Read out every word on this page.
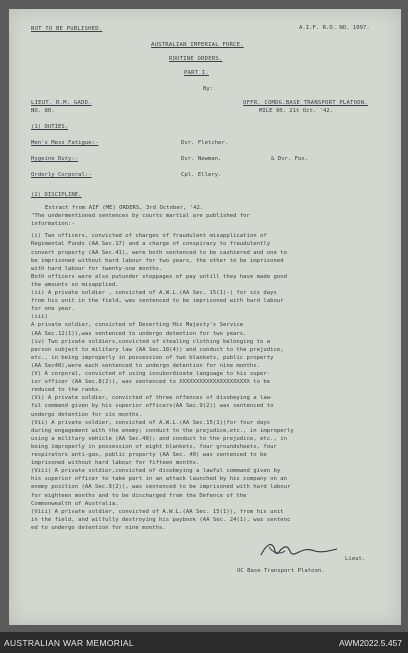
NOT TO BE PUBLISHED.	A.I.F. R.O. NO. 1097.
AUSTRALIAN IMPERIAL FORCE.
ROUTINE ORDERS.
PART I.
By:
LIEUT. R.M. GADD.	OFFR. COMDG.BASE TRANSPORT PLATOON.
NO. 80.	MILE 90. 21t Oct. '42.
(1) DUTIES.
Men's Mess Fatigue:-	Dvr. Fletcher.
Hygeine Duty:-	Dvr. Newman.	& Dvr. Fox.
Orderly Corporal:-	Cpl. Ellery.
(2) DISCIPLINE.
Extract from AIF (ME) ORDERS, 3rd October, '42.
"The undermentioned sentences by courts martial are published for
information:-
(i) Two officers, convicted of charges of fraudulent misapplication of
Regimental Funds (AA Sec.17) and a charge of conspiracy to fraudulently
convert property (AA Sec.41), were both sentenced to be cashiered and one to
be imprisoned without hard labour for two years, the other to be imprisoned
with hard labour for twenty-one months.
Both officers were also putunder stoppages of pay untill they have made good
the amounts so misapplied.
(ii) A private soldier , convicted of A.W.L.(AA Sec. 15(1)-) for six days
from his unit in the field, was sentenced to be imprisoned with hard labour
for one year.
(iii)
A private soldier, convicted of Deserting His Majesty's Service
(AA Sec.12(1)),was sentenced to undergo detention for two years.
(iv) Two private soldiers,convicted of stealing clothing belonging to a
person subject to military law (AA Sec.18(4)) and conduct to the prejudice,
etc., in being improperly in possession of two blankets, public property
(AA Sec40),were each sentenced to undergo detention for nine months.
(V) A corporal, convicted of using insubordinate language to his super-
ior officer (AA Sec.8(2)), was sentenced to XXXXXXXXXXXXXXXXXXXXX to be
reduced to the ranks.
(Vi) A private soldier, convicted of three offences of disobeying a law-
ful command given by his superior officers(AA Sec.9(2)) was sentenced to
undergo detention for six months.
(Vii) A private soldier, convicted of A.W.L.(AA Sec.15(1))for four days
during engagement with the enemy; conduct to the prejudice,etc., in improperly
using a military vehicle (AA Sec.40); and conduct to the prejudice, etc., in
being improperly in possession of eight blankets, four groundsheets, four
respirators anti-gas, public property (AA Sec. 40) was sentenced to be
imprisoned without hard labour for fifteen months.
(Viii) A private soldier,convicted of disobeying a lawful command given by
his superior officer to take part in an attack launched by his company on an
enemy position (AA Sec.9(2)), was sentenced to be imprisoned with hard labour
for eighteen months and to be discharged from the Defence of the
Commonwealth of Australia.
(Viii) A private soldier, convicted of A.W.L.(AA Sec. 15(1)), from his unit
in the field, and wilfully destroying his paybook (AA Sec. 24(1), was sentenc
ed to undergo detention for nine months.
Lieut.
OC Base Transport Platoon.
AUSTRALIAN WAR MEMORIAL	AWM2022.5.457
